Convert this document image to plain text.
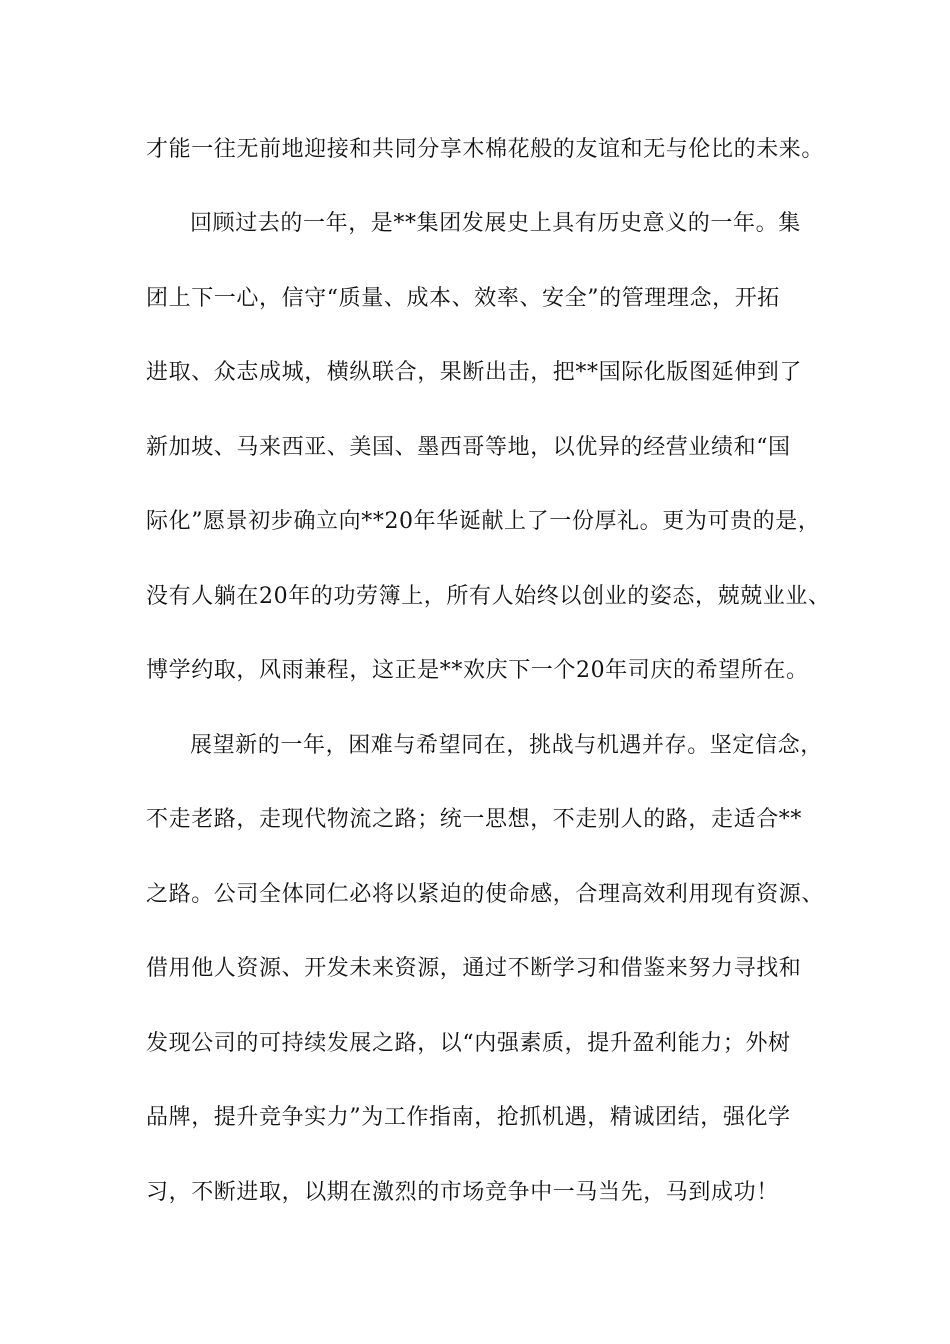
才能一往无前地迎接和共同分享木棉花般的友谊和无与伦比的未来。

回顾过去的一年，是**集团发展史上具有历史意义的一年。集

团上下一心，信守“质量、成本、效率、安全”的管理理念，开拓

进取、众志成城，横纵联合，果断出击，把**国际化版图延伸到了

新加坡、马来西亚、美国、墨西哥等地，以优异的经营业绩和“国

际化”愿景初步确立向**20年华诞献上了一份厚礼。更为可贵的是，

没有人躺在20年的功劳簿上，所有人始终以创业的姿态，兢兢业业、

博学约取，风雨兼程，这正是**欢庆下一个20年司庆的希望所在。

展望新的一年，困难与希望同在，挑战与机遇并存。坚定信念，

不走老路，走现代物流之路；统一思想，不走别人的路，走适合**

之路。公司全体同仁必将以紧迫的使命感，合理高效利用现有资源、

借用他人资源、开发未来资源，通过不断学习和借鉴来努力寻找和

发现公司的可持续发展之路，以“内强素质，提升盈利能力；外树

品牌，提升竞争实力”为工作指南，抢抓机遇，精诚团结，强化学

习，不断进取，以期在激烈的市场竞争中一马当先，马到成功！
